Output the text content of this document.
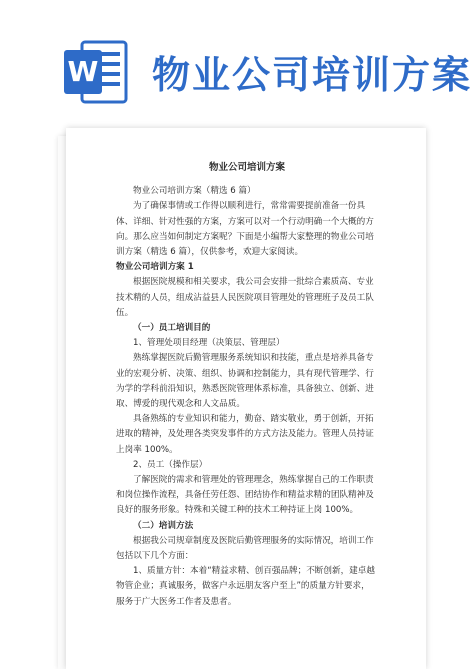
W 物业公司培训方案

物业公司培训方案

物业公司培训方案（精选 6 篇）

为了确保事情或工作得以顺利进行，常常需要提前准备一份具体、详细、针对性强的方案，方案可以对一个行动明确一个大概的方向。那么应当如何制定方案呢？下面是小编帮大家整理的物业公司培训方案（精选 6 篇），仅供参考，欢迎大家阅读。

物业公司培训方案 1

根据医院规模和相关要求，我公司会安排一批综合素质高、专业技术精的人员，组成沾益县人民医院项目管理处的管理班子及员工队伍。

（一）员工培训目的

1、管理处项目经理（决策层、管理层）

熟练掌握医院后勤管理服务系统知识和技能，重点是培养具备专业的宏观分析、决策、组织、协调和控制能力，具有现代管理学、行为学的学科前沿知识，熟悉医院管理体系标准，具备独立、创新、进取、博爱的现代观念和人文品质。

具备熟练的专业知识和能力，勤奋、踏实敬业，勇于创新，开拓进取的精神，及处理各类突发事件的方式方法及能力。管理人员持证上岗率 100%。

2、员工（操作层）

了解医院的需求和管理处的管理理念，熟练掌握自己的工作职责和岗位操作流程，具备任劳任怨、团结协作和精益求精的团队精神及良好的服务形象。特殊和关键工种的技术工种持证上岗 100%。

（二）培训方法

根据我公司规章制度及医院后勤管理服务的实际情况，培训工作包括以下几个方面：

1、质量方针：本着“精益求精、创百强品牌；不断创新，建卓越物管企业；真诚服务，做客户永远朋友客户至上”的质量方针要求，服务于广大医务工作者及患者。
